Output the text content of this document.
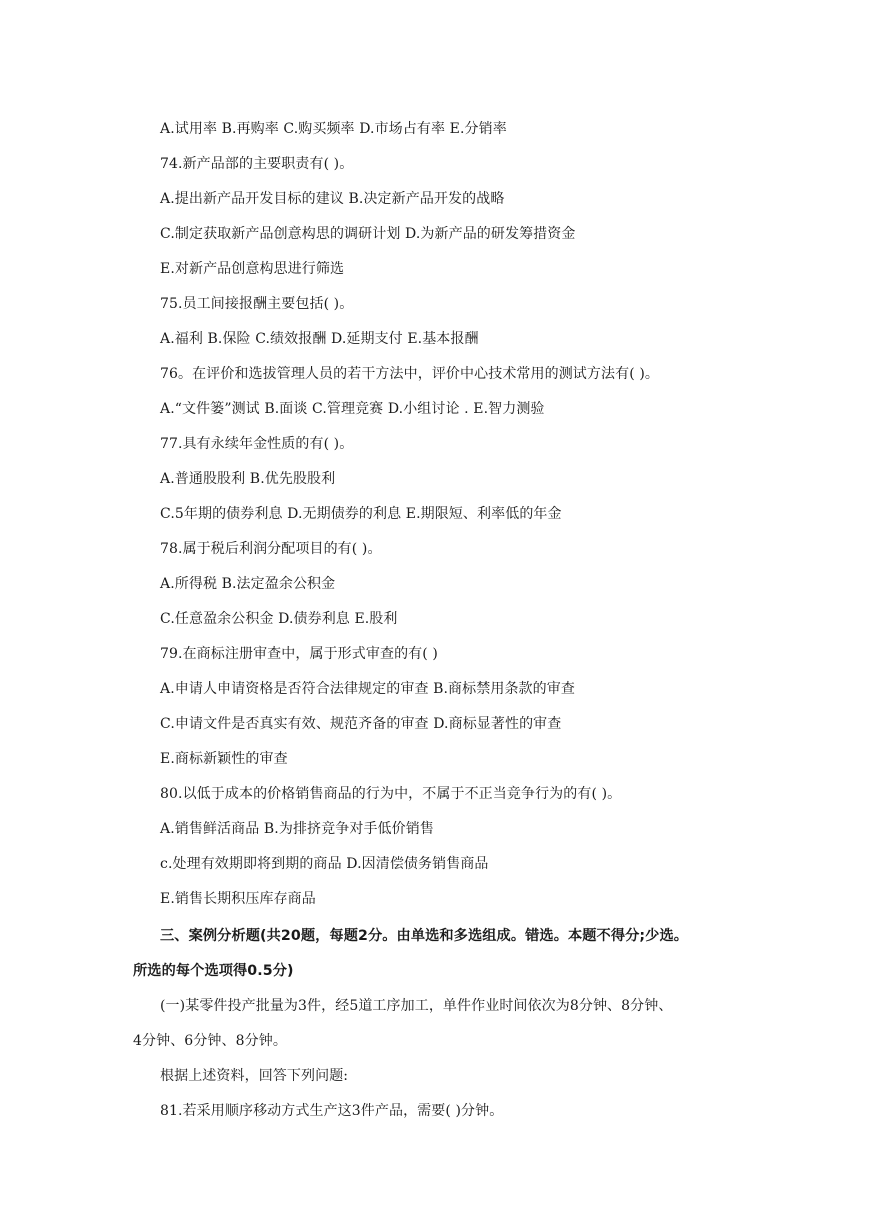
A.试用率 B.再购率 C.购买频率 D.市场占有率 E.分销率
74.新产品部的主要职责有( )。
A.提出新产品开发目标的建议 B.决定新产品开发的战略
C.制定获取新产品创意构思的调研计划 D.为新产品的研发筹措资金
E.对新产品创意构思进行筛选
75.员工间接报酬主要包括( )。
A.福利 B.保险 C.绩效报酬 D.延期支付 E.基本报酬
76。在评价和选拔管理人员的若干方法中，评价中心技术常用的测试方法有( )。
A.“文件篓”测试 B.面谈 C.管理竞赛 D.小组讨论 . E.智力测验
77.具有永续年金性质的有( )。
A.普通股股利 B.优先股股利
C.5年期的债券利息 D.无期债券的利息 E.期限短、利率低的年金
78.属于税后利润分配项目的有( )。
A.所得税 B.法定盈余公积金
C.任意盈余公积金 D.债券利息 E.股利
79.在商标注册审查中，属于形式审查的有( )
A.申请人申请资格是否符合法律规定的审查 B.商标禁用条款的审查
C.申请文件是否真实有效、规范齐备的审查 D.商标显著性的审查
E.商标新颖性的审查
80.以低于成本的价格销售商品的行为中，不属于不正当竞争行为的有( )。
A.销售鲜活商品 B.为排挤竞争对手低价销售
c.处理有效期即将到期的商品 D.因清偿债务销售商品
E.销售长期积压库存商品
三、案例分析题(共20题，每题2分。由单选和多选组成。错选。本题不得分;少选。
所选的每个选项得0.5分)
(一)某零件投产批量为3件，经5道工序加工，单件作业时间依次为8分钟、8分钟、
4分钟、6分钟、8分钟。
根据上述资料，回答下列问题:
81.若采用顺序移动方式生产这3件产品，需要( )分钟。
